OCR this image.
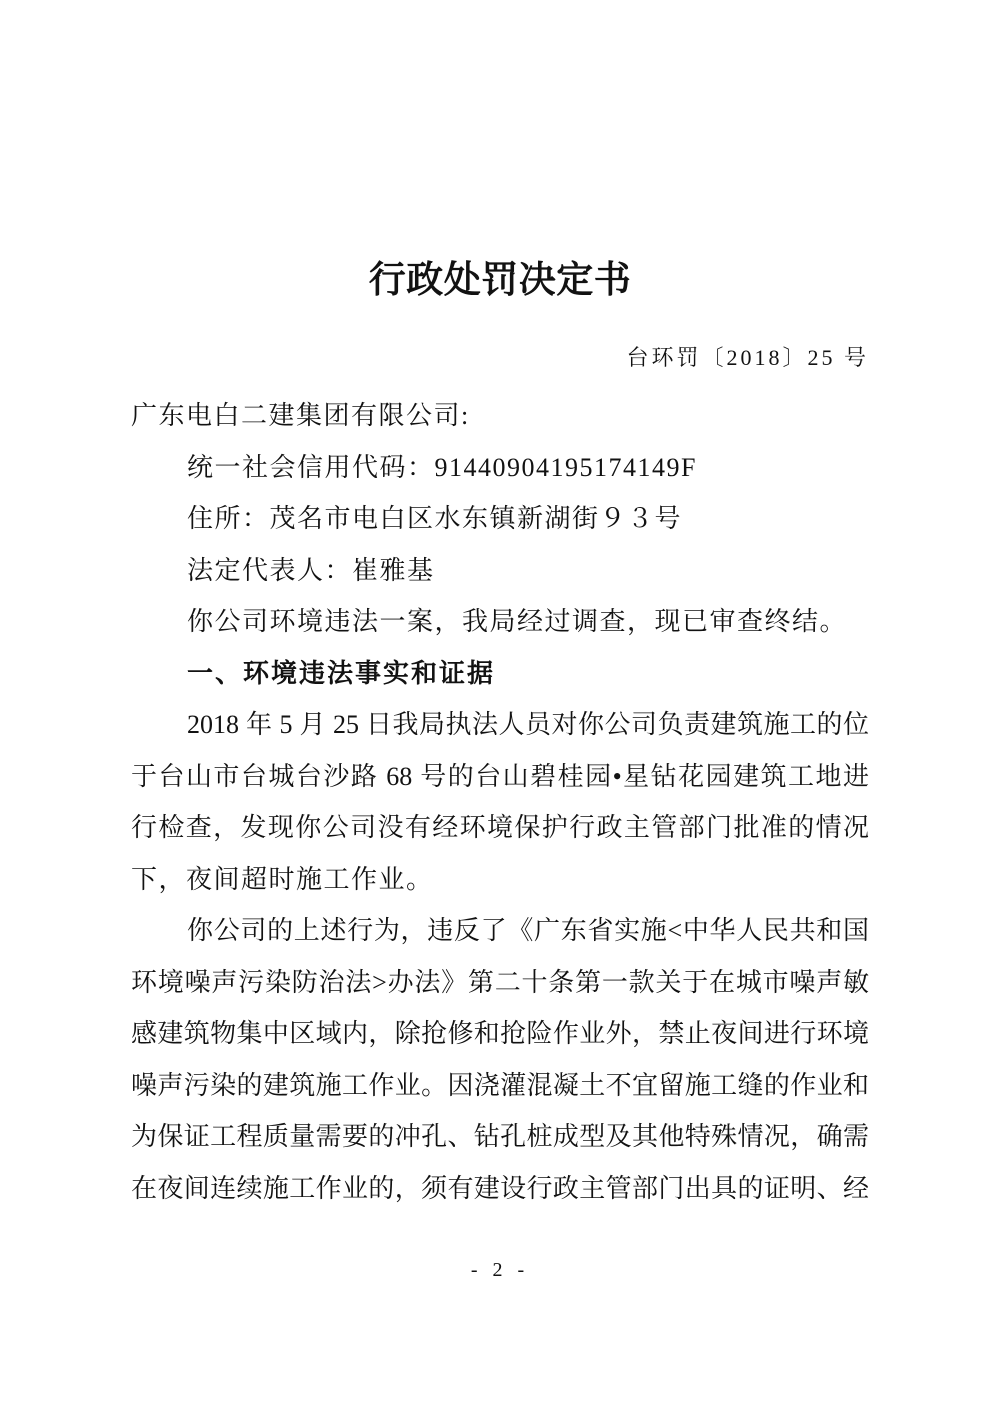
行政处罚决定书
台环罚〔2018〕25 号
广东电白二建集团有限公司:
统一社会信用代码：91440904195174149F
住所：茂名市电白区水东镇新湖街９３号
法定代表人：崔雅基
你公司环境违法一案，我局经过调查，现已审查终结。
一、环境违法事实和证据
2018 年 5 月 25 日我局执法人员对你公司负责建筑施工的位
于台山市台城台沙路 68 号的台山碧桂园•星钻花园建筑工地进
行检查，发现你公司没有经环境保护行政主管部门批准的情况
下，夜间超时施工作业。
你公司的上述行为，违反了《广东省实施<中华人民共和国
环境噪声污染防治法>办法》第二十条第一款关于在城市噪声敏
感建筑物集中区域内，除抢修和抢险作业外，禁止夜间进行环境
噪声污染的建筑施工作业。因浇灌混凝土不宜留施工缝的作业和
为保证工程质量需要的冲孔、钻孔桩成型及其他特殊情况，确需
在夜间连续施工作业的，须有建设行政主管部门出具的证明、经
- 2 -
